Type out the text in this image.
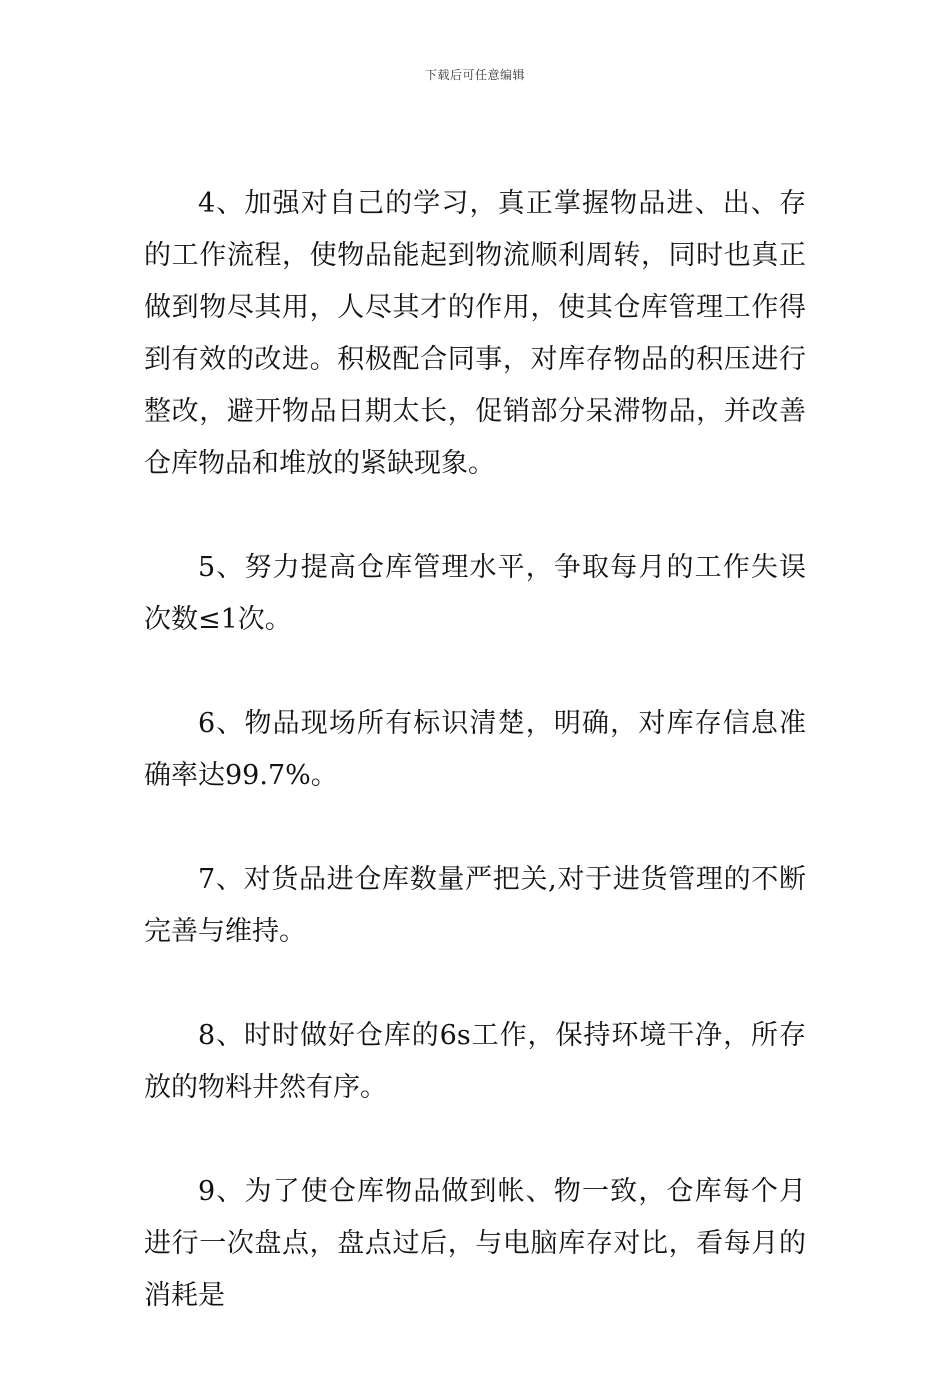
下载后可任意编辑

4、加强对自己的学习，真正掌握物品进、出、存的工作流程，使物品能起到物流顺利周转，同时也真正做到物尽其用，人尽其才的作用，使其仓库管理工作得到有效的改进。积极配合同事，对库存物品的积压进行整改，避开物品日期太长，促销部分呆滞物品，并改善仓库物品和堆放的紧缺现象。

5、努力提高仓库管理水平，争取每月的工作失误次数≤1次。

6、物品现场所有标识清楚，明确，对库存信息准确率达99.7%。

7、对货品进仓库数量严把关,对于进货管理的不断完善与维持。

8、时时做好仓库的6s工作，保持环境干净，所存放的物料井然有序。

9、为了使仓库物品做到帐、物一致，仓库每个月进行一次盘点，盘点过后，与电脑库存对比，看每月的消耗是
